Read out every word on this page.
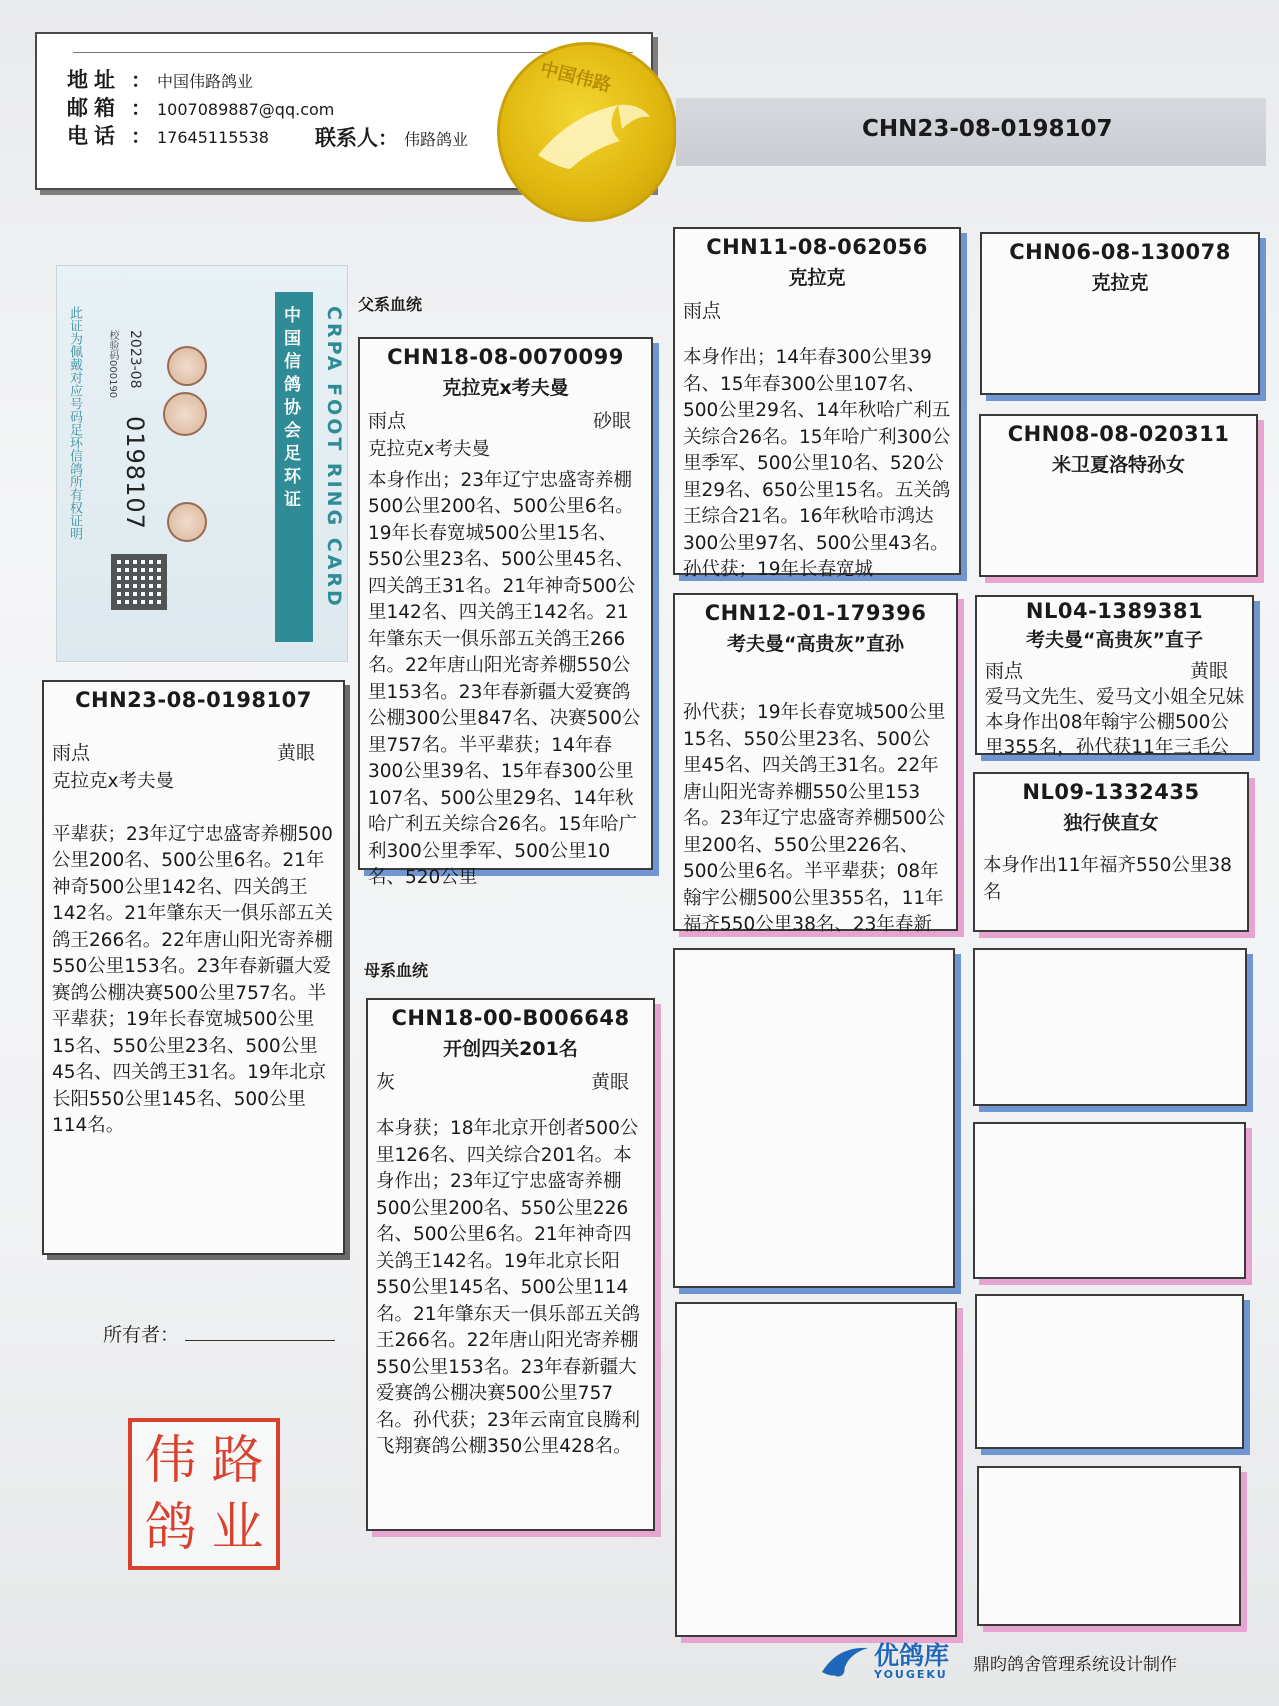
地址 ： 中国伟路鸽业
邮箱 ： 1007089887@qq.com
电话 ： 17645115538 联系人 ： 伟路鸽业
中国伟路
CHN23-08-0198107
中国信鸽协会足环证 CRPA FOOT RING CARD
2023-08
校验码000190
0198107
此证为佩戴对应号码足环信鸽所有权证明
CHN23-08-0198107
雨点	黄眼
克拉克x考夫曼
平辈获；23年辽宁忠盛寄养棚500公里200名、500公里6名。21年神奇500公里142名、四关鸽王142名。21年肇东天一俱乐部五关鸽王266名。22年唐山阳光寄养棚550公里153名。23年春新疆大爱赛鸽公棚决赛500公里757名。半平辈获；19年长春宽城500公里15名、550公里23名、500公里45名、四关鸽王31名。19年北京长阳550公里145名、500公里114名。
父系血统
母系血统
CHN18-08-0070099
克拉克x考夫曼
雨点	砂眼
克拉克x考夫曼
本身作出；23年辽宁忠盛寄养棚500公里200名、500公里6名。19年长春宽城500公里15名、550公里23名、500公里45名、四关鸽王31名。21年神奇500公里142名、四关鸽王142名。21年肇东天一俱乐部五关鸽王266名。22年唐山阳光寄养棚550公里153名。23年春新疆大爱赛鸽公棚300公里847名、决赛500公里757名。半平辈获；14年春300公里39名、15年春300公里107名、500公里29名、14年秋哈广利五关综合26名。15年哈广利300公里季军、500公里10名、520公里
CHN18-00-B006648
开创四关201名
灰	黄眼
本身获；18年北京开创者500公里126名、四关综合201名。本身作出；23年辽宁忠盛寄养棚500公里200名、550公里226名、500公里6名。21年神奇四关鸽王142名。19年北京长阳550公里145名、500公里114名。21年肇东天一俱乐部五关鸽王266名。22年唐山阳光寄养棚550公里153名。23年春新疆大爱赛鸽公棚决赛500公里757名。孙代获；23年云南宜良腾利飞翔赛鸽公棚350公里428名。
CHN11-08-062056
克拉克
雨点
本身作出；14年春300公里39名、15年春300公里107名、500公里29名、14年秋哈广利五关综合26名。15年哈广利300公里季军、500公里10名、520公里29名、650公里15名。五关鸽王综合21名。16年秋哈市鸿达300公里97名、500公里43名。孙代获；19年长春宽城
CHN12-01-179396
考夫曼“高贵灰”直孙
孙代获；19年长春宽城500公里15名、550公里23名、500公里45名、四关鸽王31名。22年唐山阳光寄养棚550公里153名。23年辽宁忠盛寄养棚500公里200名、550公里226名、500公里6名。半平辈获；08年翰宇公棚500公里355名，11年福齐550公里38名、23年春新
CHN06-08-130078
克拉克
CHN08-08-020311
米卫夏洛特孙女
NL04-1389381
考夫曼“高贵灰”直子
雨点	黄眼
爱马文先生、爱马文小姐全兄妹本身作出08年翰宇公棚500公里355名，孙代获11年三毛公
NL09-1332435
独行侠直女
本身作出11年福齐550公里38名
所有者：
伟 路
鸽 业
优鸽库
YOUGEKU 鼎昀鸽舍管理系统设计制作
